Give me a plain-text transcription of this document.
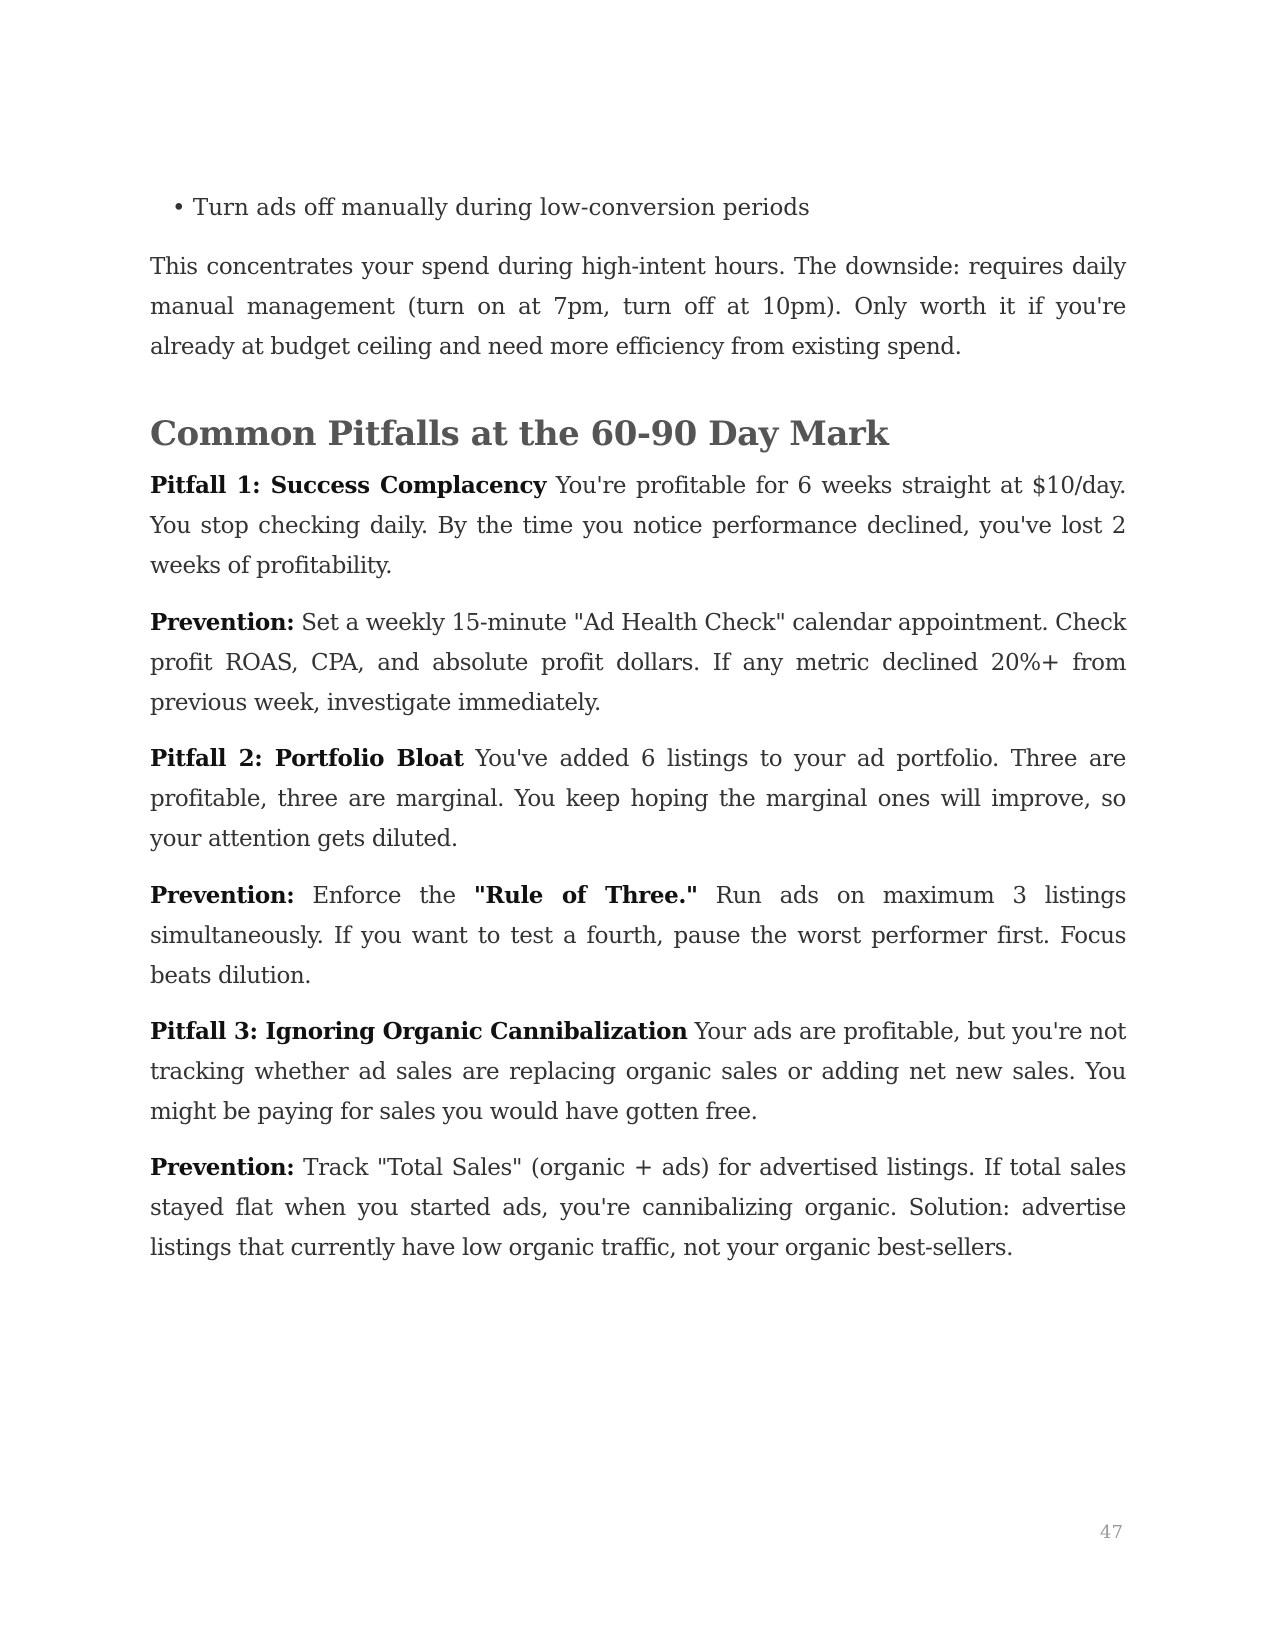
• Turn ads off manually during low-conversion periods

This concentrates your spend during high-intent hours. The downside: requires daily manual management (turn on at 7pm, turn off at 10pm). Only worth it if you're already at budget ceiling and need more efficiency from existing spend.

Common Pitfalls at the 60-90 Day Mark

Pitfall 1: Success Complacency You're profitable for 6 weeks straight at $10/day. You stop checking daily. By the time you notice performance declined, you've lost 2 weeks of profitability.

Prevention: Set a weekly 15-minute "Ad Health Check" calendar appointment. Check profit ROAS, CPA, and absolute profit dollars. If any metric declined 20%+ from previous week, investigate immediately.

Pitfall 2: Portfolio Bloat You've added 6 listings to your ad portfolio. Three are profitable, three are marginal. You keep hoping the marginal ones will improve, so your attention gets diluted.

Prevention: Enforce the "Rule of Three." Run ads on maximum 3 listings simultaneously. If you want to test a fourth, pause the worst performer first. Focus beats dilution.

Pitfall 3: Ignoring Organic Cannibalization Your ads are profitable, but you're not tracking whether ad sales are replacing organic sales or adding net new sales. You might be paying for sales you would have gotten free.

Prevention: Track "Total Sales" (organic + ads) for advertised listings. If total sales stayed flat when you started ads, you're cannibalizing organic. Solution: advertise listings that currently have low organic traffic, not your organic best-sellers.

47
